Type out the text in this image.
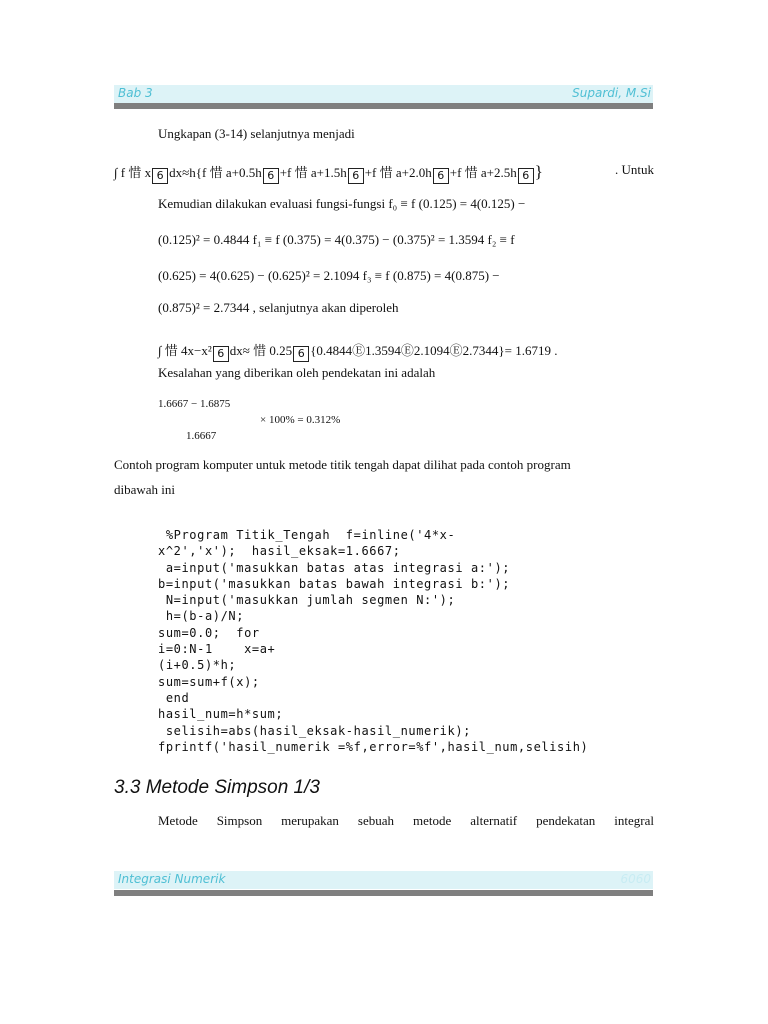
Bab 3	Supardi, M.Si
Ungkapan (3-14) selanjutnya menjadi
∫ f 惜 x 6 dx≈h{f 惜 a+0.5h 6 +f 惜 a+1.5h 6 +f 惜 a+2.0h 6 +f 惜 a+2.5h 6 }	. Untuk
Kemudian dilakukan evaluasi fungsi-fungsi f₀ ≡ f (0.125) = 4(0.125) −
(0.125)² = 0.4844 f₁ ≡ f (0.375) = 4(0.375) − (0.375)² = 1.3594 f₂ ≡ f
(0.625) = 4(0.625) − (0.625)² = 2.1094 f₃ ≡ f (0.875) = 4(0.875) −
(0.875)² = 2.7344 , selanjutnya akan diperoleh
∫ 惜 4x−x² 6 dx≈ 惜 0.25 6 {0.4844Ⓔ1.3594Ⓔ2.1094Ⓔ2.7344}= 1.6719 .
Kesalahan yang diberikan oleh pendekatan ini adalah
1.6667 − 1.6875
× 100% = 0.312%
1.6667
Contoh program komputer untuk metode titik tengah dapat dilihat pada contoh program
dibawah ini
%Program Titik_Tengah  f=inline('4*x-
x^2','x');  hasil_eksak=1.6667;
a=input('masukkan batas atas integrasi a:');
b=input('masukkan batas bawah integrasi b:');
N=input('masukkan jumlah segmen N:');
h=(b-a)/N;
sum=0.0;  for
i=0:N-1    x=a+
(i+0.5)*h;
sum=sum+f(x);
end
hasil_num=h*sum;
selisih=abs(hasil_eksak-hasil_numerik);
fprintf('hasil_numerik =%f,error=%f',hasil_num,selisih)
3.3 Metode Simpson 1/3
Metode Simpson merupakan sebuah metode alternatif pendekatan integral
Integrasi Numerik	6060
